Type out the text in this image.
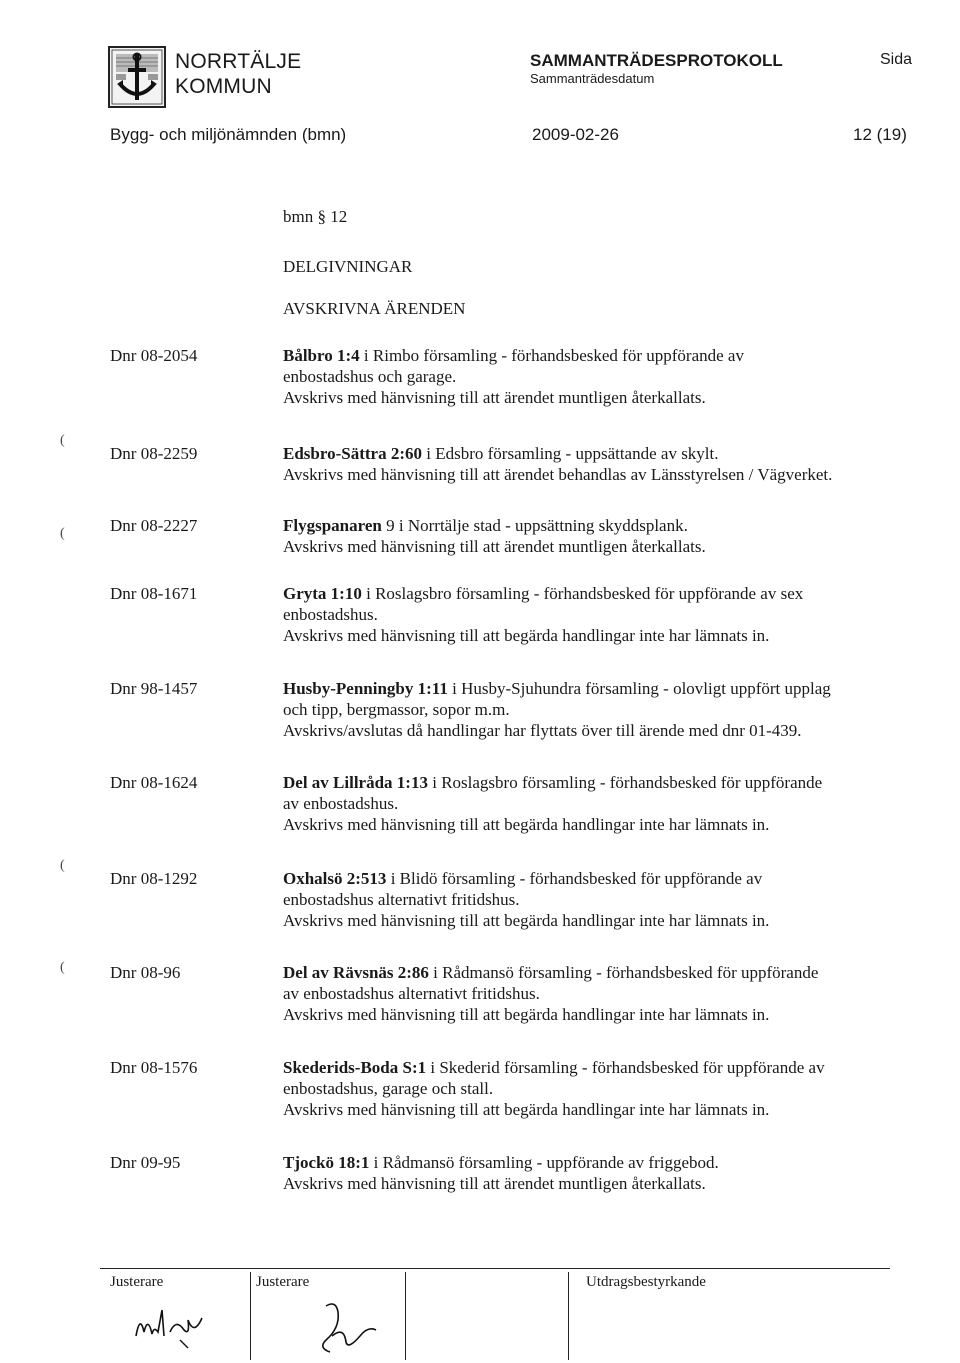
NORRTÄLJE
KOMMUN
SAMMANTRÄDESPROTOKOLL
Sammanträdesdatum
Sida
Bygg- och miljönämnden (bmn)	2009-02-26	12 (19)
(
(
(
(
bmn § 12
DELGIVNINGAR
AVSKRIVNA ÄRENDEN
Dnr 08-2054	Bålbro 1:4 i Rimbo församling - förhandsbesked för uppförande av
enbostadshus och garage.
Avskrivs med hänvisning till att ärendet muntligen återkallats.
Dnr 08-2259	Edsbro-Sättra 2:60 i Edsbro församling - uppsättande av skylt.
Avskrivs med hänvisning till att ärendet behandlas av Länsstyrelsen / Vägverket.
Dnr 08-2227	Flygspanaren 9 i Norrtälje stad - uppsättning skyddsplank.
Avskrivs med hänvisning till att ärendet muntligen återkallats.
Dnr 08-1671	Gryta 1:10 i Roslagsbro församling - förhandsbesked för uppförande av sex
enbostadshus.
Avskrivs med hänvisning till att begärda handlingar inte har lämnats in.
Dnr 98-1457	Husby-Penningby 1:11 i Husby-Sjuhundra församling - olovligt uppfört upplag
och tipp, bergmassor, sopor m.m.
Avskrivs/avslutas då handlingar har flyttats över till ärende med dnr 01-439.
Dnr 08-1624	Del av Lillråda 1:13 i Roslagsbro församling - förhandsbesked för uppförande
av enbostadshus.
Avskrivs med hänvisning till att begärda handlingar inte har lämnats in.
Dnr 08-1292	Oxhalsö 2:513 i Blidö församling - förhandsbesked för uppförande av
enbostadshus alternativt fritidshus.
Avskrivs med hänvisning till att begärda handlingar inte har lämnats in.
Dnr 08-96	Del av Rävsnäs 2:86 i Rådmansö församling - förhandsbesked för uppförande
av enbostadshus alternativt fritidshus.
Avskrivs med hänvisning till att begärda handlingar inte har lämnats in.
Dnr 08-1576	Skederids-Boda S:1 i Skederid församling - förhandsbesked för uppförande av
enbostadshus, garage och stall.
Avskrivs med hänvisning till att begärda handlingar inte har lämnats in.
Dnr 09-95	Tjockö 18:1 i Rådmansö församling - uppförande av friggebod.
Avskrivs med hänvisning till att ärendet muntligen återkallats.
Justerare	Justerare	Utdragsbestyrkande
